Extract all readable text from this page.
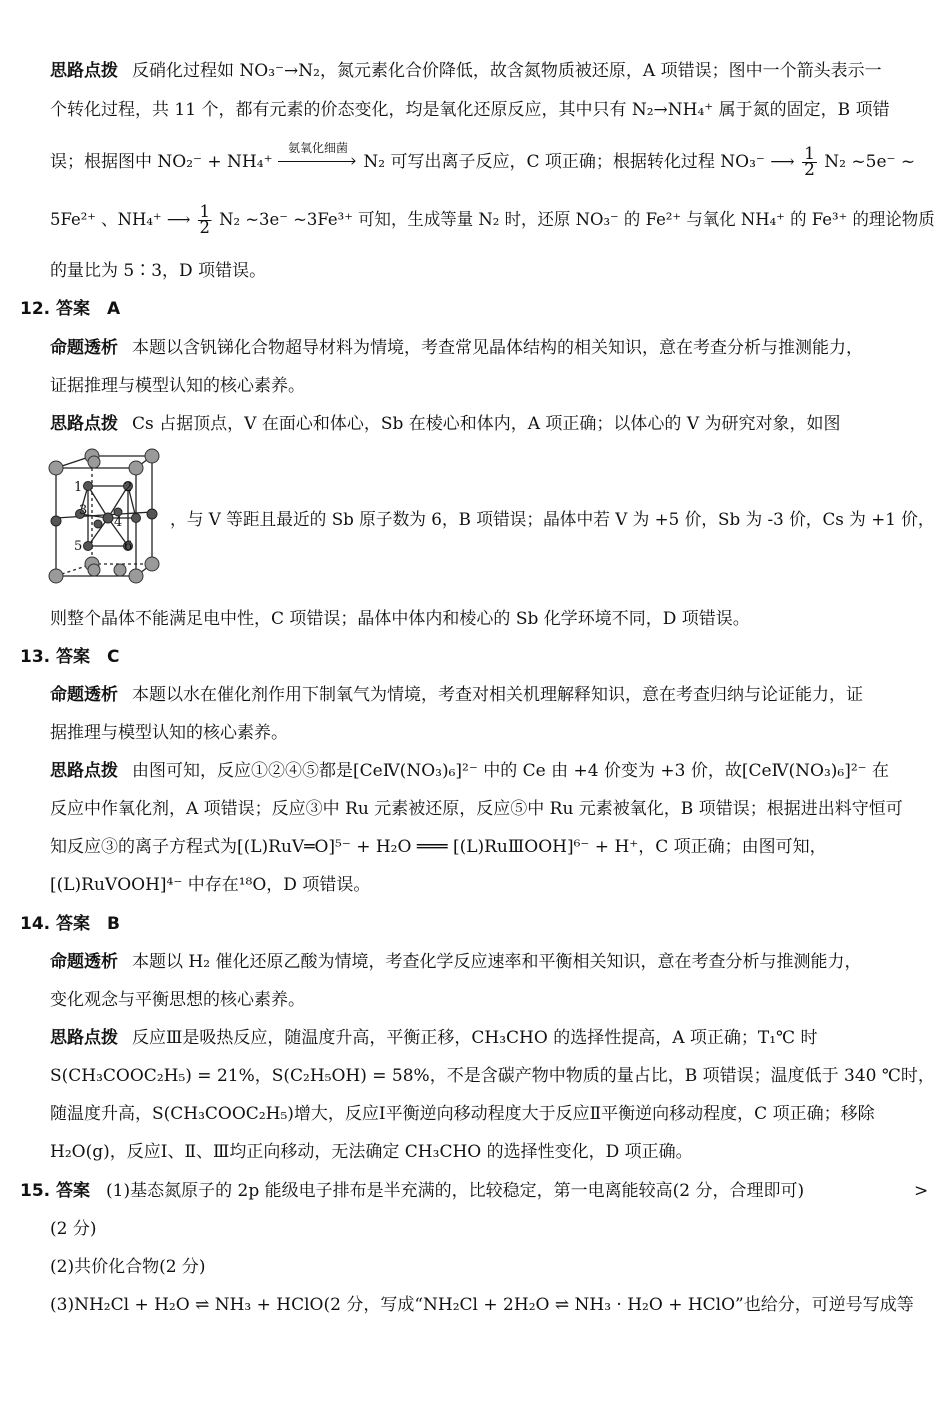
思路点拨 反硝化过程如 NO₃⁻→N₂，氮元素化合价降低，故含氮物质被还原，A 项错误；图中一个箭头表示一
个转化过程，共 11 个，都有元素的价态变化，均是氧化还原反应，其中只有 N₂→NH₄⁺ 属于氮的固定，B 项错
误；根据图中 NO₂⁻ + NH₄⁺
氨氧化细菌
› N₂ 可写出离子反应，C 项正确；根据转化过程 NO₃⁻ ⟶ $\frac{1}{2} N_2$ ~5e⁻ ~
5Fe²⁺ 、NH₄⁺ ⟶ $\frac{1}{2} N_2$ ~3e⁻ ~3Fe³⁺ 可知，生成等量 N₂ 时，还原 NO₃⁻ 的 Fe²⁺ 与氧化 NH₄⁺ 的 Fe³⁺ 的理论物质
的量比为 5∶3，D 项错误。
12. 答案　A
命题透析 本题以含钒锑化合物超导材料为情境，考查常见晶体结构的相关知识，意在考查分析与推测能力，
证据推理与模型认知的核心素养。
思路点拨 Cs 占据顶点，V 在面心和体心，Sb 在棱心和体内，A 项正确；以体心的 V 为研究对象，如图
1	2
3
4
5	6
，与 V 等距且最近的 Sb 原子数为 6，B 项错误；晶体中若 V 为 +5 价，Sb 为 -3 价，Cs 为 +1 价，
则整个晶体不能满足电中性，C 项错误；晶体中体内和棱心的 Sb 化学环境不同，D 项错误。
13. 答案　C
命题透析 本题以水在催化剂作用下制氧气为情境，考查对相关机理解释知识，意在考查归纳与论证能力，证
据推理与模型认知的核心素养。
思路点拨 由图可知，反应①②④⑤都是[CeⅣ(NO₃)₆]²⁻ 中的 Ce 由 +4 价变为 +3 价，故[CeⅣ(NO₃)₆]²⁻ 在
反应中作氧化剂，A 项错误；反应③中 Ru 元素被还原，反应⑤中 Ru 元素被氧化，B 项错误；根据进出料守恒可
知反应③的离子方程式为[(L)RuⅤ═O]⁵⁻ + H₂O ═══ [(L)RuⅢOOH]⁶⁻ + H⁺，C 项正确；由图可知，
[(L)RuⅤOOH]⁴⁻ 中存在¹⁸O，D 项错误。
14. 答案　B
命题透析 本题以 H₂ 催化还原乙酸为情境，考查化学反应速率和平衡相关知识，意在考查分析与推测能力，
变化观念与平衡思想的核心素养。
思路点拨 反应Ⅲ是吸热反应，随温度升高，平衡正移，CH₃CHO 的选择性提高，A 项正确；T₁℃ 时
S(CH₃COOC₂H₅) = 21%，S(C₂H₅OH) = 58%，不是含碳产物中物质的量占比，B 项错误；温度低于 340 ℃时，
随温度升高，S(CH₃COOC₂H₅)增大，反应Ⅰ平衡逆向移动程度大于反应Ⅱ平衡逆向移动程度，C 项正确；移除
H₂O(g)，反应Ⅰ、Ⅱ、Ⅲ均正向移动，无法确定 CH₃CHO 的选择性变化，D 项正确。
15. 答案 (1)基态氮原子的 2p 能级电子排布是半充满的，比较稳定，第一电离能较高(2 分，合理即可)	>
(2 分)
(2)共价化合物(2 分)
(3)NH₂Cl + H₂O ⇌ NH₃ + HClO(2 分，写成“NH₂Cl + 2H₂O ⇌ NH₃ · H₂O + HClO”也给分，可逆号写成等
